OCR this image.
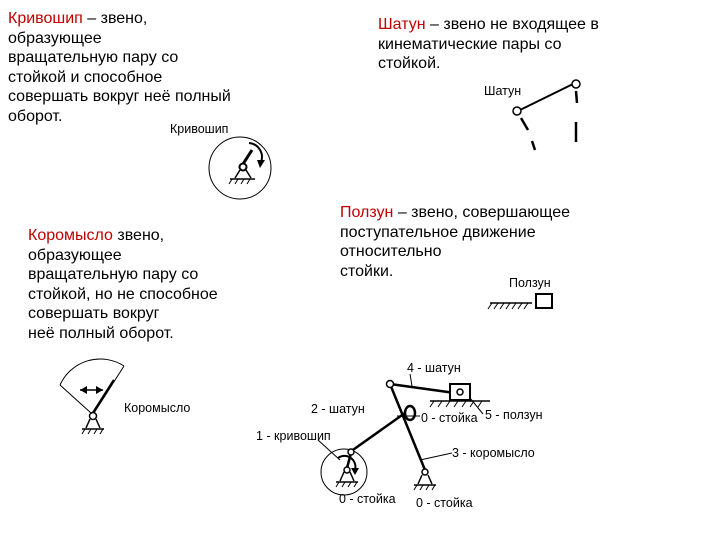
Кривошип – звено,
образующее
вращательную пару со
стойкой и способное
совершать вокруг неё полный
оборот.
Шатун – звено не входящее в
кинематические пары со
стойкой.
Коромысло звено,
образующее
вращательную пару со
стойкой, но не способное
совершать вокруг
неё полный оборот.
Ползун – звено, совершающее
поступательное движение
относительно
стойки.
Кривошип
Шатун
Ползун
Коромысло
4 - шатун
2 - шатун
0 - стойка 5 - ползун
1 - кривошип
3 - коромысло
0 - стойка 0 - стойка
